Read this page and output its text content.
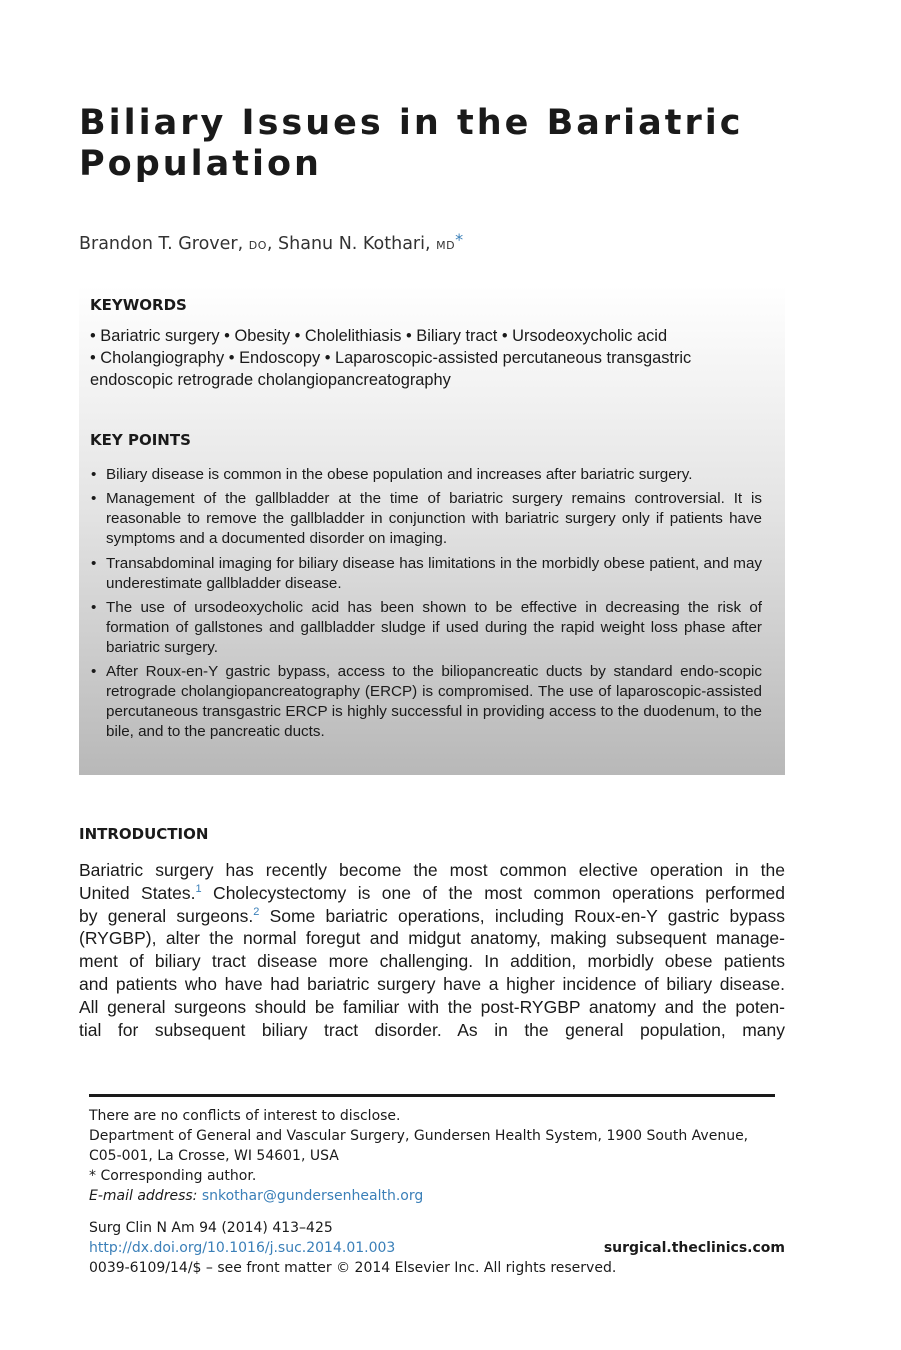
Biliary Issues in the Bariatric
Population
Brandon T. Grover, DO, Shanu N. Kothari, MD*
KEYWORDS
• Bariatric surgery • Obesity • Cholelithiasis • Biliary tract • Ursodeoxycholic acid
• Cholangiography • Endoscopy • Laparoscopic-assisted percutaneous transgastric
endoscopic retrograde cholangiopancreatography
KEY POINTS
• Biliary disease is common in the obese population and increases after bariatric surgery.
• Management of the gallbladder at the time of bariatric surgery remains controversial. It is reasonable to remove the gallbladder in conjunction with bariatric surgery only if patients have symptoms and a documented disorder on imaging.
• Transabdominal imaging for biliary disease has limitations in the morbidly obese patient, and may underestimate gallbladder disease.
• The use of ursodeoxycholic acid has been shown to be effective in decreasing the risk of formation of gallstones and gallbladder sludge if used during the rapid weight loss phase after bariatric surgery.
• After Roux-en-Y gastric bypass, access to the biliopancreatic ducts by standard endo-scopic retrograde cholangiopancreatography (ERCP) is compromised. The use of laparoscopic-assisted percutaneous transgastric ERCP is highly successful in providing access to the duodenum, to the bile, and to the pancreatic ducts.
INTRODUCTION
Bariatric surgery has recently become the most common elective operation in the
United States.$^1$ Cholecystectomy is one of the most common operations performed
by general surgeons.$^2$ Some bariatric operations, including Roux-en-Y gastric bypass
(RYGBP), alter the normal foregut and midgut anatomy, making subsequent manage-
ment of biliary tract disease more challenging. In addition, morbidly obese patients
and patients who have had bariatric surgery have a higher incidence of biliary disease.
All general surgeons should be familiar with the post-RYGBP anatomy and the poten-
tial for subsequent biliary tract disorder. As in the general population, many
There are no conflicts of interest to disclose.
Department of General and Vascular Surgery, Gundersen Health System, 1900 South Avenue,
C05-001, La Crosse, WI 54601, USA
* Corresponding author.
E-mail address: snkothar@gundersenhealth.org
Surg Clin N Am 94 (2014) 413–425
http://dx.doi.org/10.1016/j.suc.2014.01.003	surgical.theclinics.com
0039-6109/14/$ – see front matter © 2014 Elsevier Inc. All rights reserved.
